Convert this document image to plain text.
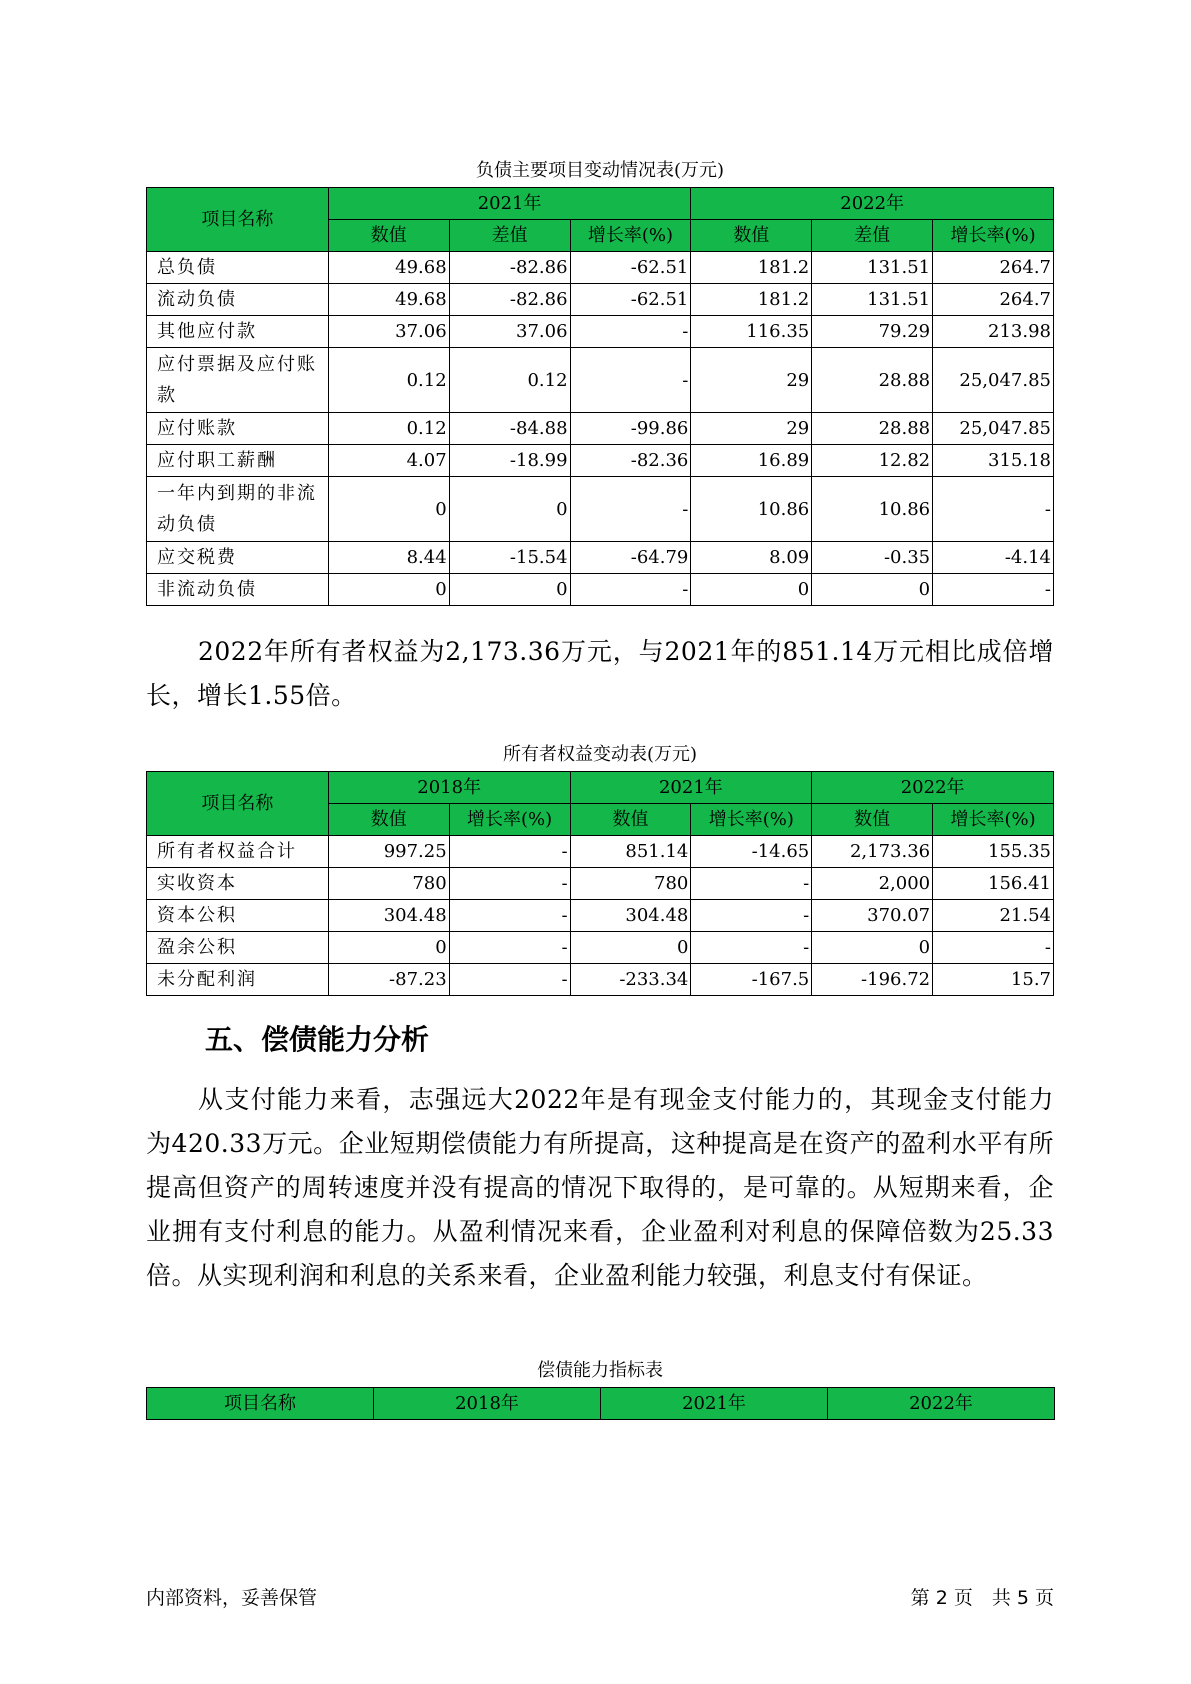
负债主要项目变动情况表(万元)
项目名称	2021年			2022年		
	数值	差值	增长率(%)	数值	差值	增长率(%)
总负债	49.68	-82.86	-62.51	181.2	131.51	264.7
流动负债	49.68	-82.86	-62.51	181.2	131.51	264.7
其他应付款	37.06	37.06	-	116.35	79.29	213.98
应付票据及应付账款	0.12	0.12	-	29	28.88	25,047.85
应付账款	0.12	-84.88	-99.86	29	28.88	25,047.85
应付职工薪酬	4.07	-18.99	-82.36	16.89	12.82	315.18
一年内到期的非流动负债	0	0	-	10.86	10.86	-
应交税费	8.44	-15.54	-64.79	8.09	-0.35	-4.14
非流动负债	0	0	-	0	0	-
2022年所有者权益为2,173.36万元，与2021年的851.14万元相比成倍增长，增长1.55倍。
所有者权益变动表(万元)
项目名称	2018年		2021年		2022年	
	数值	增长率(%)	数值	增长率(%)	数值	增长率(%)
所有者权益合计	997.25	-	851.14	-14.65	2,173.36	155.35
实收资本	780	-	780	-	2,000	156.41
资本公积	304.48	-	304.48	-	370.07	21.54
盈余公积	0	-	0	-	0	-
未分配利润	-87.23	-	-233.34	-167.5	-196.72	15.7
五、偿债能力分析
从支付能力来看，志强远大2022年是有现金支付能力的，其现金支付能力为420.33万元。企业短期偿债能力有所提高，这种提高是在资产的盈利水平有所提高但资产的周转速度并没有提高的情况下取得的，是可靠的。从短期来看，企业拥有支付利息的能力。从盈利情况来看，企业盈利对利息的保障倍数为25.33倍。从实现利润和利息的关系来看，企业盈利能力较强，利息支付有保证。
偿债能力指标表
项目名称	2018年	2021年	2022年
内部资料，妥善保管	第 2 页　共 5 页
